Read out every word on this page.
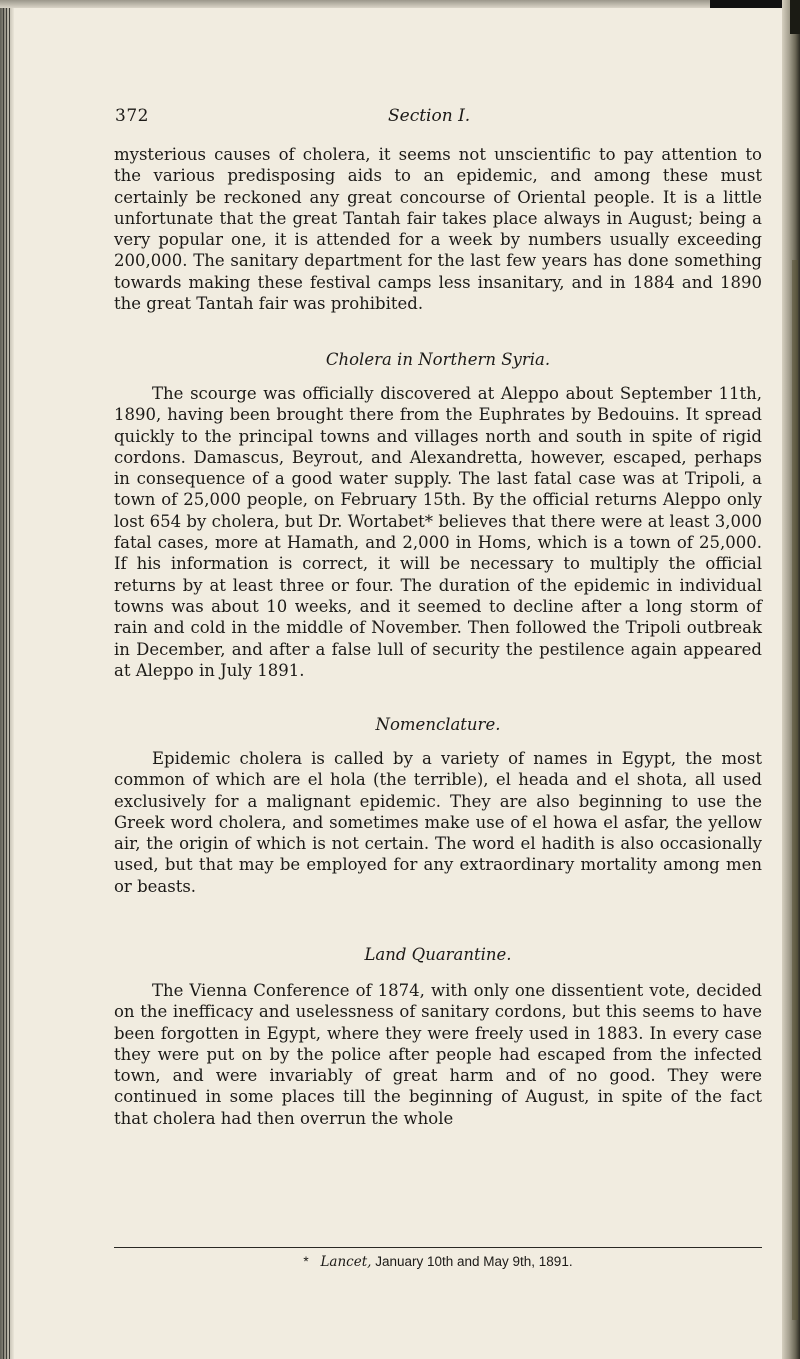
372	Section I.

mysterious causes of cholera, it seems not unscientific to pay attention to the various predisposing aids to an epidemic, and among these must certainly be reckoned any great concourse of Oriental people. It is a little unfortunate that the great Tantah fair takes place always in August; being a very popular one, it is attended for a week by numbers usually exceeding 200,000. The sanitary department for the last few years has done something towards making these festival camps less insanitary, and in 1884 and 1890 the great Tantah fair was prohibited.

Cholera in Northern Syria.

The scourge was officially discovered at Aleppo about September 11th, 1890, having been brought there from the Euphrates by Bedouins. It spread quickly to the principal towns and villages north and south in spite of rigid cordons. Damascus, Beyrout, and Alexandretta, however, escaped, perhaps in consequence of a good water supply. The last fatal case was at Tripoli, a town of 25,000 people, on February 15th. By the official returns Aleppo only lost 654 by cholera, but Dr. Wortabet* believes that there were at least 3,000 fatal cases, more at Hamath, and 2,000 in Homs, which is a town of 25,000. If his information is correct, it will be necessary to multiply the official returns by at least three or four. The duration of the epidemic in individual towns was about 10 weeks, and it seemed to decline after a long storm of rain and cold in the middle of November. Then followed the Tripoli outbreak in December, and after a false lull of security the pestilence again appeared at Aleppo in July 1891.

Nomenclature.

Epidemic cholera is called by a variety of names in Egypt, the most common of which are el hola (the terrible), el heada and el shota, all used exclusively for a malignant epidemic. They are also beginning to use the Greek word cholera, and sometimes make use of el howa el asfar, the yellow air, the origin of which is not certain. The word el hadith is also occasionally used, but that may be employed for any extraordinary mortality among men or beasts.

Land Quarantine.

The Vienna Conference of 1874, with only one dissentient vote, decided on the inefficacy and uselessness of sanitary cordons, but this seems to have been forgotten in Egypt, where they were freely used in 1883. In every case they were put on by the police after people had escaped from the infected town, and were invariably of great harm and of no good. They were continued in some places till the beginning of August, in spite of the fact that cholera had then overrun the whole

* Lancet, January 10th and May 9th, 1891.
